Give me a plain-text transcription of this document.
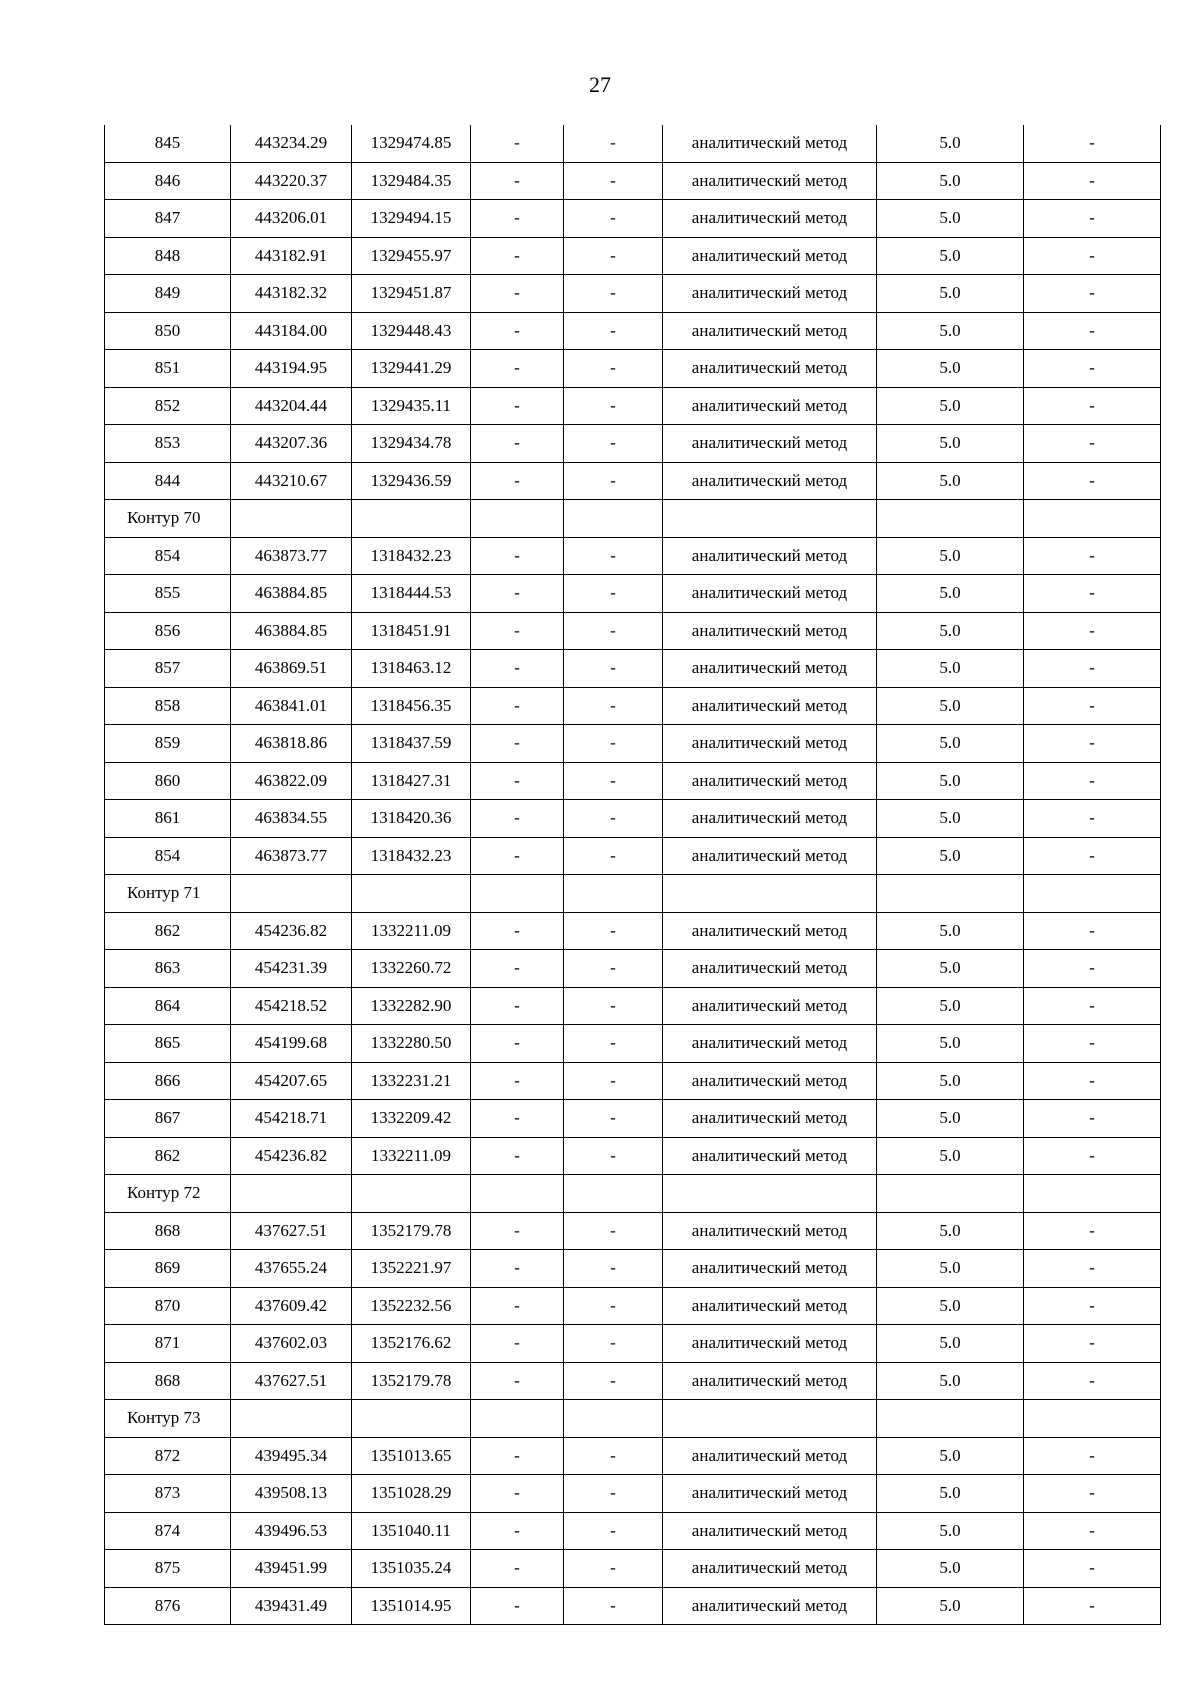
27
845	443234.29	1329474.85	-	-	аналитический метод	5.0	-
846	443220.37	1329484.35	-	-	аналитический метод	5.0	-
847	443206.01	1329494.15	-	-	аналитический метод	5.0	-
848	443182.91	1329455.97	-	-	аналитический метод	5.0	-
849	443182.32	1329451.87	-	-	аналитический метод	5.0	-
850	443184.00	1329448.43	-	-	аналитический метод	5.0	-
851	443194.95	1329441.29	-	-	аналитический метод	5.0	-
852	443204.44	1329435.11	-	-	аналитический метод	5.0	-
853	443207.36	1329434.78	-	-	аналитический метод	5.0	-
844	443210.67	1329436.59	-	-	аналитический метод	5.0	-
Контур 70							
854	463873.77	1318432.23	-	-	аналитический метод	5.0	-
855	463884.85	1318444.53	-	-	аналитический метод	5.0	-
856	463884.85	1318451.91	-	-	аналитический метод	5.0	-
857	463869.51	1318463.12	-	-	аналитический метод	5.0	-
858	463841.01	1318456.35	-	-	аналитический метод	5.0	-
859	463818.86	1318437.59	-	-	аналитический метод	5.0	-
860	463822.09	1318427.31	-	-	аналитический метод	5.0	-
861	463834.55	1318420.36	-	-	аналитический метод	5.0	-
854	463873.77	1318432.23	-	-	аналитический метод	5.0	-
Контур 71							
862	454236.82	1332211.09	-	-	аналитический метод	5.0	-
863	454231.39	1332260.72	-	-	аналитический метод	5.0	-
864	454218.52	1332282.90	-	-	аналитический метод	5.0	-
865	454199.68	1332280.50	-	-	аналитический метод	5.0	-
866	454207.65	1332231.21	-	-	аналитический метод	5.0	-
867	454218.71	1332209.42	-	-	аналитический метод	5.0	-
862	454236.82	1332211.09	-	-	аналитический метод	5.0	-
Контур 72							
868	437627.51	1352179.78	-	-	аналитический метод	5.0	-
869	437655.24	1352221.97	-	-	аналитический метод	5.0	-
870	437609.42	1352232.56	-	-	аналитический метод	5.0	-
871	437602.03	1352176.62	-	-	аналитический метод	5.0	-
868	437627.51	1352179.78	-	-	аналитический метод	5.0	-
Контур 73							
872	439495.34	1351013.65	-	-	аналитический метод	5.0	-
873	439508.13	1351028.29	-	-	аналитический метод	5.0	-
874	439496.53	1351040.11	-	-	аналитический метод	5.0	-
875	439451.99	1351035.24	-	-	аналитический метод	5.0	-
876	439431.49	1351014.95	-	-	аналитический метод	5.0	-
